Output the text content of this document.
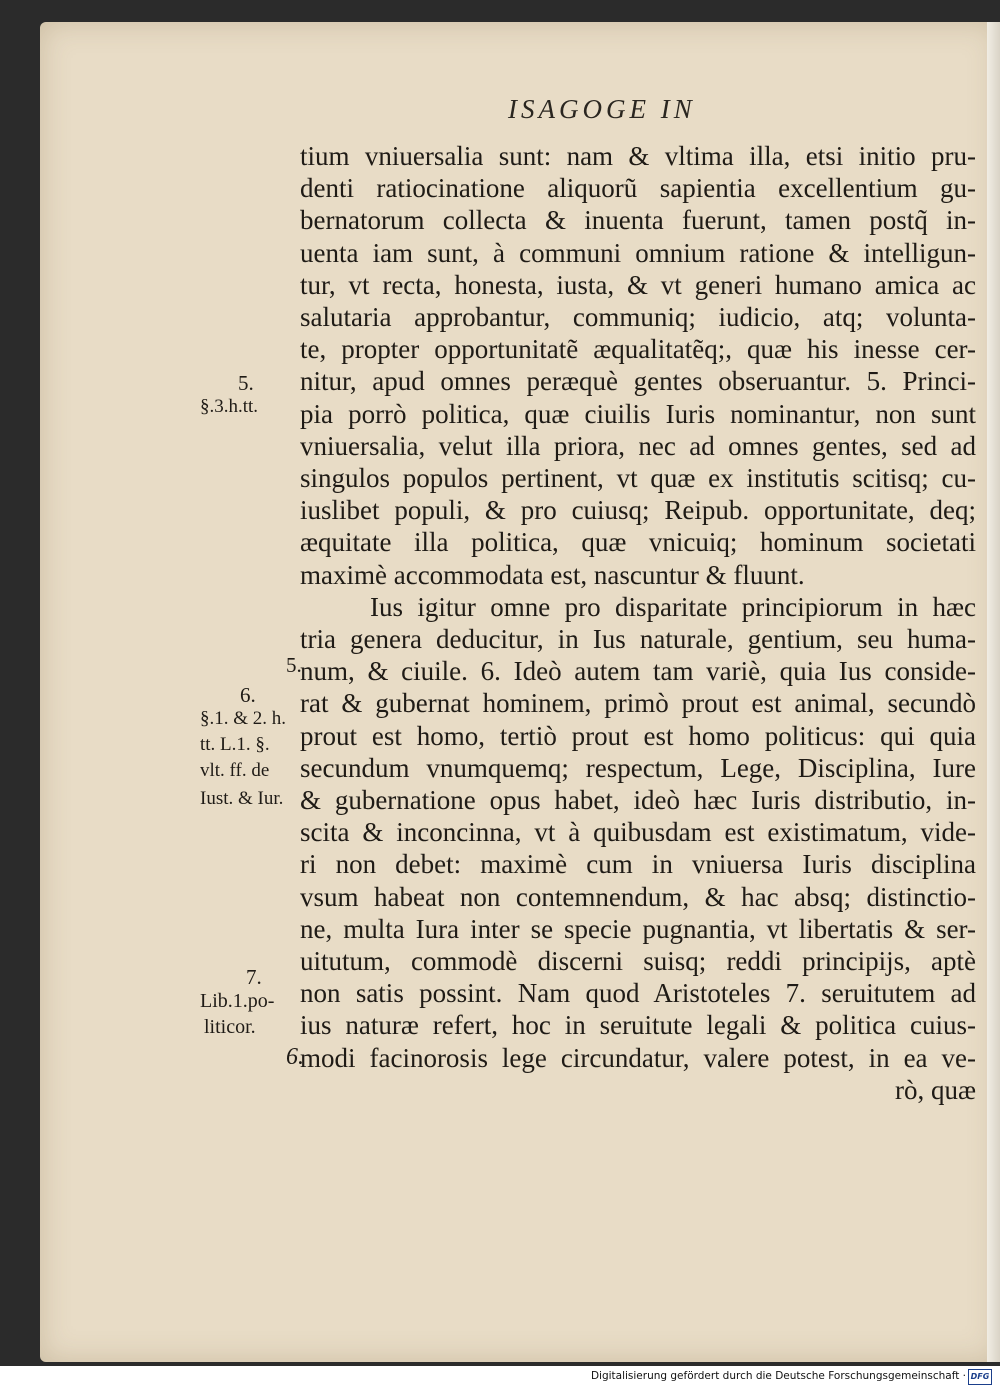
ISAGOGE IN
tium vniuersalia sunt: nam & vltima illa, etsi initio pru-
denti ratiocinatione aliquorũ sapientia excellentium gu-
bernatorum collecta & inuenta fuerunt, tamen postq̃ in-
uenta iam sunt, à communi omnium ratione & intelligun-
tur, vt recta, honesta, iusta, & vt generi humano amica ac
salutaria approbantur, communiq; iudicio, atq; volunta-
te, propter opportunitatẽ æqualitatẽq;, quæ his inesse cer-
nitur, apud omnes peræquè gentes obseruantur. 5. Princi-
pia porrò politica, quæ ciuilis Iuris nominantur, non sunt
vniuersalia, velut illa priora, nec ad omnes gentes, sed ad
singulos populos pertinent, vt quæ ex institutis scitisq; cu-
iuslibet populi, & pro cuiusq; Reipub. opportunitate, deq;
æquitate illa politica, quæ vnicuiq; hominum societati
maximè accommodata est, nascuntur & fluunt.
Ius igitur omne pro disparitate principiorum in hæc
tria genera deducitur, in Ius naturale, gentium, seu huma-
num, & ciuile. 6. Ideò autem tam variè, quia Ius conside-
rat & gubernat hominem, primò prout est animal, secundò
prout est homo, tertiò prout est homo politicus: qui quia
secundum vnumquemq; respectum, Lege, Disciplina, Iure
& gubernatione opus habet, ideò hæc Iuris distributio, in-
scita & inconcinna, vt à quibusdam est existimatum, vide-
ri non debet: maximè cum in vniuersa Iuris disciplina
vsum habeat non contemnendum, & hac absq; distinctio-
ne, multa Iura inter se specie pugnantia, vt libertatis & ser-
uitutum, commodè discerni suisq; reddi principijs, aptè
non satis possint. Nam quod Aristoteles 7. seruitutem ad
ius naturæ refert, hoc in seruitute legali & politica cuius-
modi facinorosis lege circundatur, valere potest, in ea ve-
rò, quæ
5.
§.3.h.tt.
5.
6.
§.1. & 2. h.
tt. L.1. §.
vlt. ff. de
Iust. & Iur.
7.
Lib.1.po-
liticor.
6.
Digitalisierung gefördert durch die Deutsche Forschungsgemeinschaft · DFG
